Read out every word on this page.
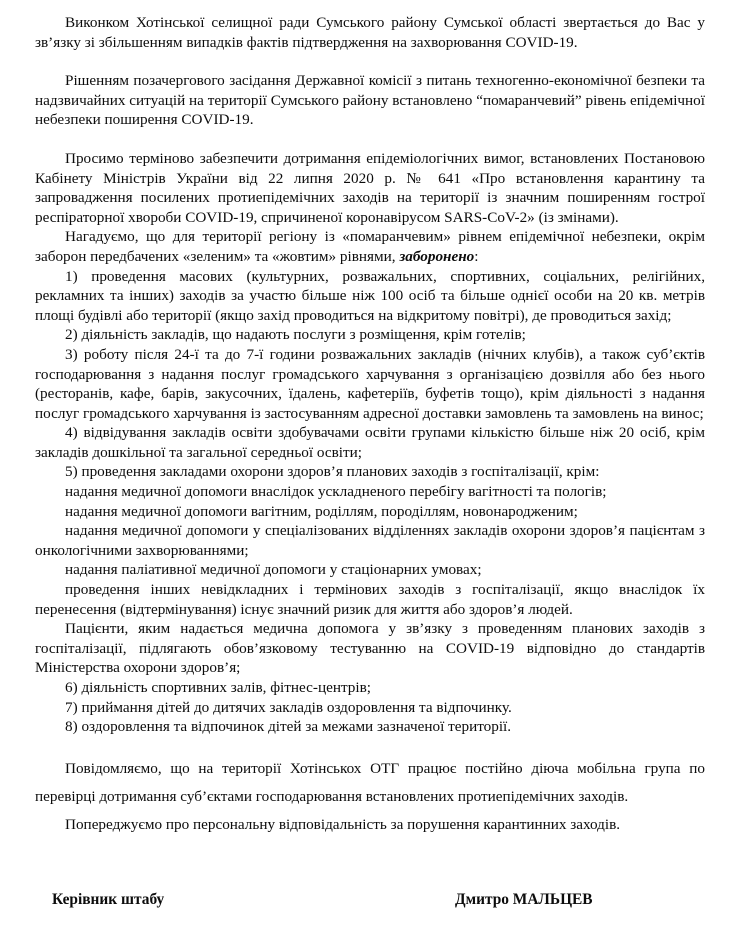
Виконком Хотінської селищної ради Сумського району Сумської області звертається до Вас у зв’язку зі збільшенням випадків фактів підтвердження на захворювання COVID-19.

Рішенням позачергового засідання Державної комісії з питань техногенно-економічної безпеки та надзвичайних ситуацій на території Сумського району встановлено “помаранчевий” рівень епідемічної небезпеки поширення COVID-19.

Просимо терміново забезпечити дотримання епідеміологічних вимог, встановлених Постановою Кабінету Міністрів України від 22 липня 2020 р. № 641 «Про встановлення карантину та запровадження посилених протиепідемічних заходів на території із значним поширенням гострої респіраторної хвороби COVID-19, спричиненої коронавірусом SARS-CoV-2» (із змінами).

Нагадуємо, що для території регіону із «помаранчевим» рівнем епідемічної небезпеки, окрім заборон передбачених «зеленим» та «жовтим» рівнями, заборонено:

1) проведення масових (культурних, розважальних, спортивних, соціальних, релігійних, рекламних та інших) заходів за участю більше ніж 100 осіб та більше однієї особи на 20 кв. метрів площі будівлі або території (якщо захід проводиться на відкритому повітрі), де проводиться захід;

2) діяльність закладів, що надають послуги з розміщення, крім готелів;

3) роботу після 24-ї та до 7-ї години розважальних закладів (нічних клубів), а також суб’єктів господарювання з надання послуг громадського харчування з організацією дозвілля або без нього (ресторанів, кафе, барів, закусочних, їдалень, кафетеріїв, буфетів тощо), крім діяльності з надання послуг громадського харчування із застосуванням адресної доставки замовлень та замовлень на винос;

4) відвідування закладів освіти здобувачами освіти групами кількістю більше ніж 20 осіб, крім закладів дошкільної та загальної середньої освіти;

5) проведення закладами охорони здоров’я планових заходів з госпіталізації, крім:

надання медичної допомоги внаслідок ускладненого перебігу вагітності та пологів;

надання медичної допомоги вагітним, роділлям, породіллям, новонародженим;

надання медичної допомоги у спеціалізованих відділеннях закладів охорони здоров’я пацієнтам з онкологічними захворюваннями;

надання паліативної медичної допомоги у стаціонарних умовах;

проведення інших невідкладних і термінових заходів з госпіталізації, якщо внаслідок їх перенесення (відтермінування) існує значний ризик для життя або здоров’я людей.

Пацієнти, яким надається медична допомога у зв’язку з проведенням планових заходів з госпіталізації, підлягають обов’язковому тестуванню на COVID-19 відповідно до стандартів Міністерства охорони здоров’я;

6) діяльність спортивних залів, фітнес-центрів;

7) приймання дітей до дитячих закладів оздоровлення та відпочинку.

8) оздоровлення та відпочинок дітей за межами зазначеної території.

Повідомляємо, що на території Хотінськох ОТГ працює постійно діюча мобільна група по перевірці дотримання суб’єктами господарювання встановлених протиепідемічних заходів.

Попереджуємо про персональну відповідальність за порушення карантинних заходів.

Керівник штабу	Дмитро МАЛЬЦЕВ
